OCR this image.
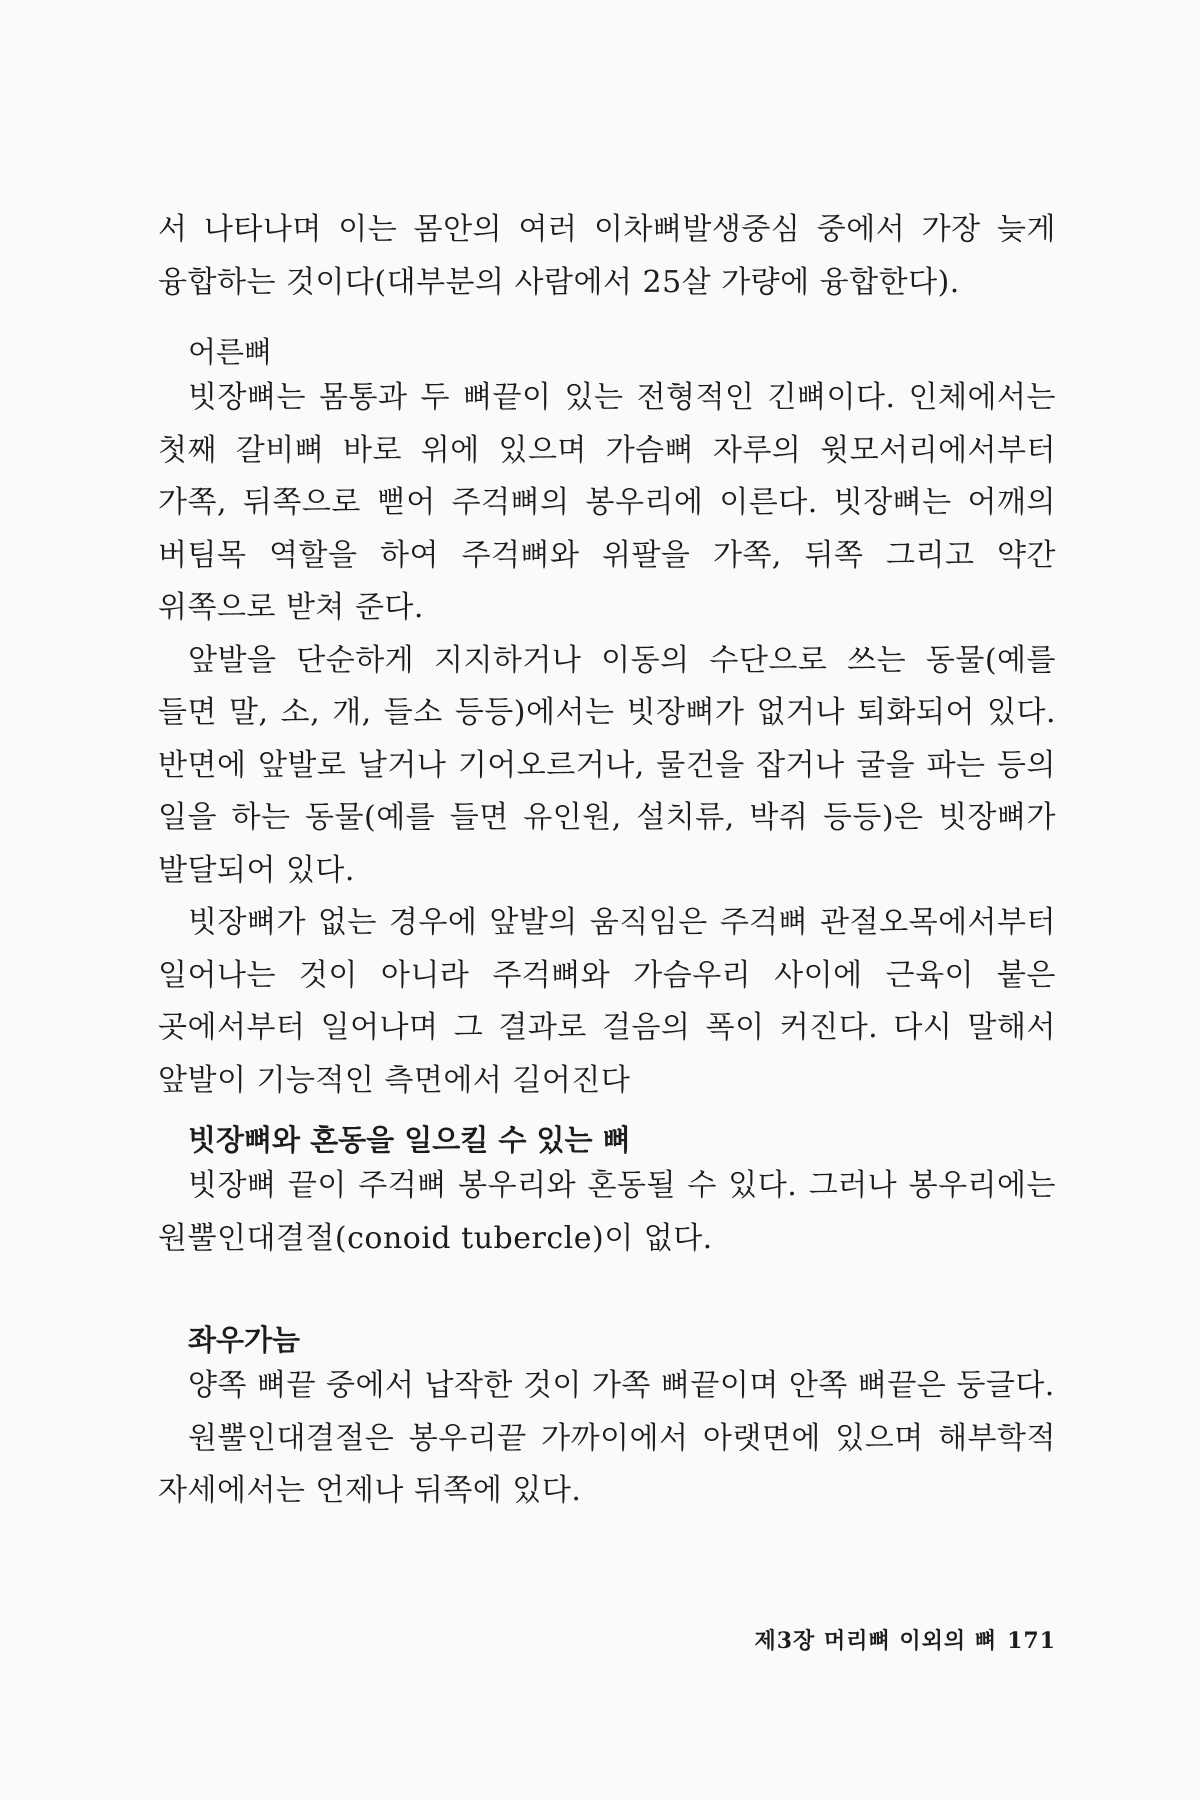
서 나타나며 이는 몸안의 여러 이차뼈발생중심 중에서 가장 늦게 융합하는 것이다(대부분의 사람에서 25살 가량에 융합한다).

어른뼈

빗장뼈는 몸통과 두 뼈끝이 있는 전형적인 긴뼈이다. 인체에서는 첫째 갈비뼈 바로 위에 있으며 가슴뼈 자루의 윗모서리에서부터 가쪽, 뒤쪽으로 뻗어 주걱뼈의 봉우리에 이른다. 빗장뼈는 어깨의 버팀목 역할을 하여 주걱뼈와 위팔을 가쪽, 뒤쪽 그리고 약간 위쪽으로 받쳐 준다.

앞발을 단순하게 지지하거나 이동의 수단으로 쓰는 동물(예를 들면 말, 소, 개, 들소 등등)에서는 빗장뼈가 없거나 퇴화되어 있다. 반면에 앞발로 날거나 기어오르거나, 물건을 잡거나 굴을 파는 등의 일을 하는 동물(예를 들면 유인원, 설치류, 박쥐 등등)은 빗장뼈가 발달되어 있다.

빗장뼈가 없는 경우에 앞발의 움직임은 주걱뼈 관절오목에서부터 일어나는 것이 아니라 주걱뼈와 가슴우리 사이에 근육이 붙은 곳에서부터 일어나며 그 결과로 걸음의 폭이 커진다. 다시 말해서 앞발이 기능적인 측면에서 길어진다

빗장뼈와 혼동을 일으킬 수 있는 뼈

빗장뼈 끝이 주걱뼈 봉우리와 혼동될 수 있다. 그러나 봉우리에는 원뿔인대결절(conoid tubercle)이 없다.

좌우가늠

양쪽 뼈끝 중에서 납작한 것이 가쪽 뼈끝이며 안쪽 뼈끝은 둥글다.

원뿔인대결절은 봉우리끝 가까이에서 아랫면에 있으며 해부학적 자세에서는 언제나 뒤쪽에 있다.

제3장 머리뼈 이외의 뼈 171
